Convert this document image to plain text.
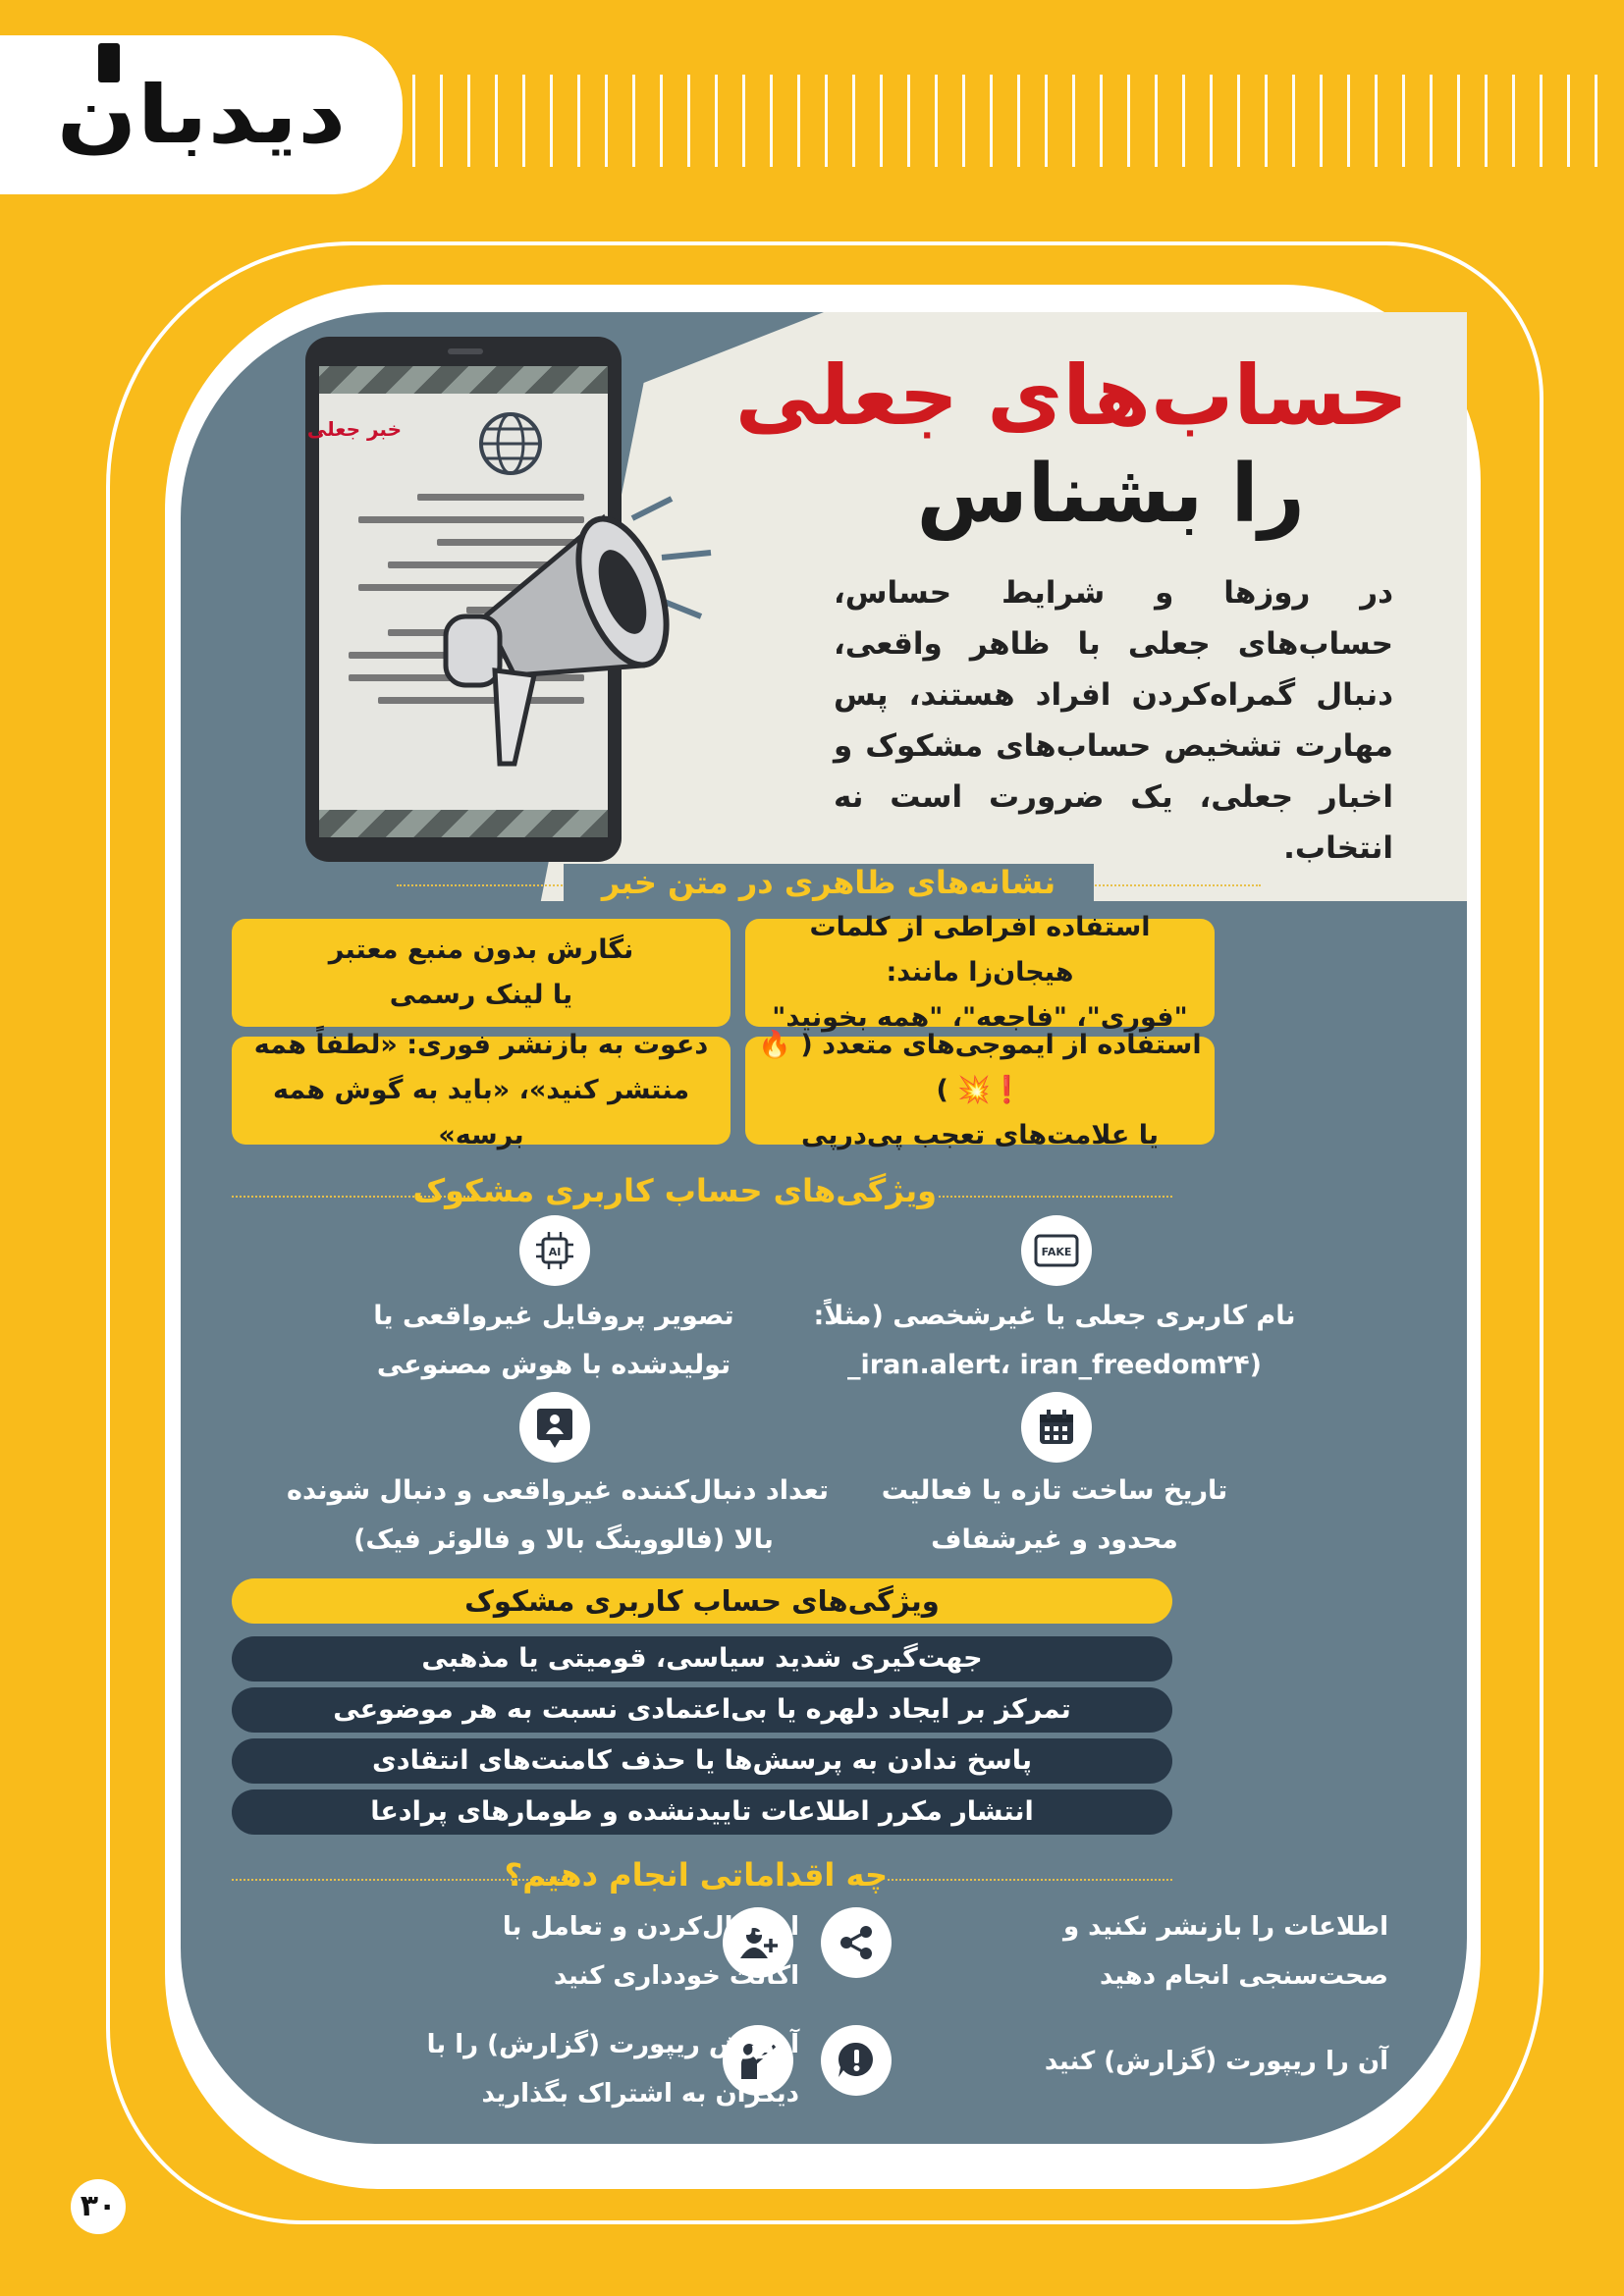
دیدبان
خبر جعلی	حساب‌های جعلی
را بشناس
در روزها و شرایط حساس، حساب‌های جعلی با ظاهر واقعی، دنبال گمراه‌کردن افراد هستند، پس مهارت تشخیص حساب‌های مشکوک و اخبار جعلی، یک ضرورت است نه انتخاب.
نشانه‌های ظاهری در متن خبر
استفاده افراطی از کلمات هیجان‌زا مانند:
"فوری"، "فاجعه"، "همه بخونید"
نگارش بدون منبع معتبر
یا لینک رسمی
استفاده از ایموجی‌های متعدد ( 🔥❗💥 )
یا علامت‌های تعجب پی‌درپی
دعوت به بازنشر فوری: «لطفاً همه
منتشر کنید»، «باید به گوش همه برسه»
ویژگی‌های حساب کاربری مشکوک
FAKE
نام کاربری جعلی یا غیرشخصی (مثلاً:
(iran.alert، iran_freedom۲۴_
AI
تصویر پروفایل غیرواقعی یا
تولیدشده با هوش مصنوعی
تاریخ ساخت تازه یا فعالیت
محدود و غیرشفاف
تعداد دنبال‌کننده غیرواقعی و دنبال شونده
بالا (فالووینگ بالا و فالوئر فیک)
ویژگی‌های حساب کاربری مشکوک
جهت‌گیری شدید سیاسی، قومیتی یا مذهبی
تمرکز بر ایجاد دلهره یا بی‌اعتمادی نسبت به هر موضوعی
پاسخ ندادن به پرسش‌ها یا حذف کامنت‌های انتقادی
انتشار مکرر اطلاعات تاییدنشده و طومارهای پرادعا
چه اقداماتی انجام دهیم؟
اطلاعات را بازنشر نکنید و
صحت‌سنجی انجام دهید
از دنبال‌کردن و تعامل با
اکانت خودداری کنید
آن را ریپورت (گزارش) کنید
آموزش ریپورت (گزارش) را با
دیگران به اشتراک بگذارید
۳۰
